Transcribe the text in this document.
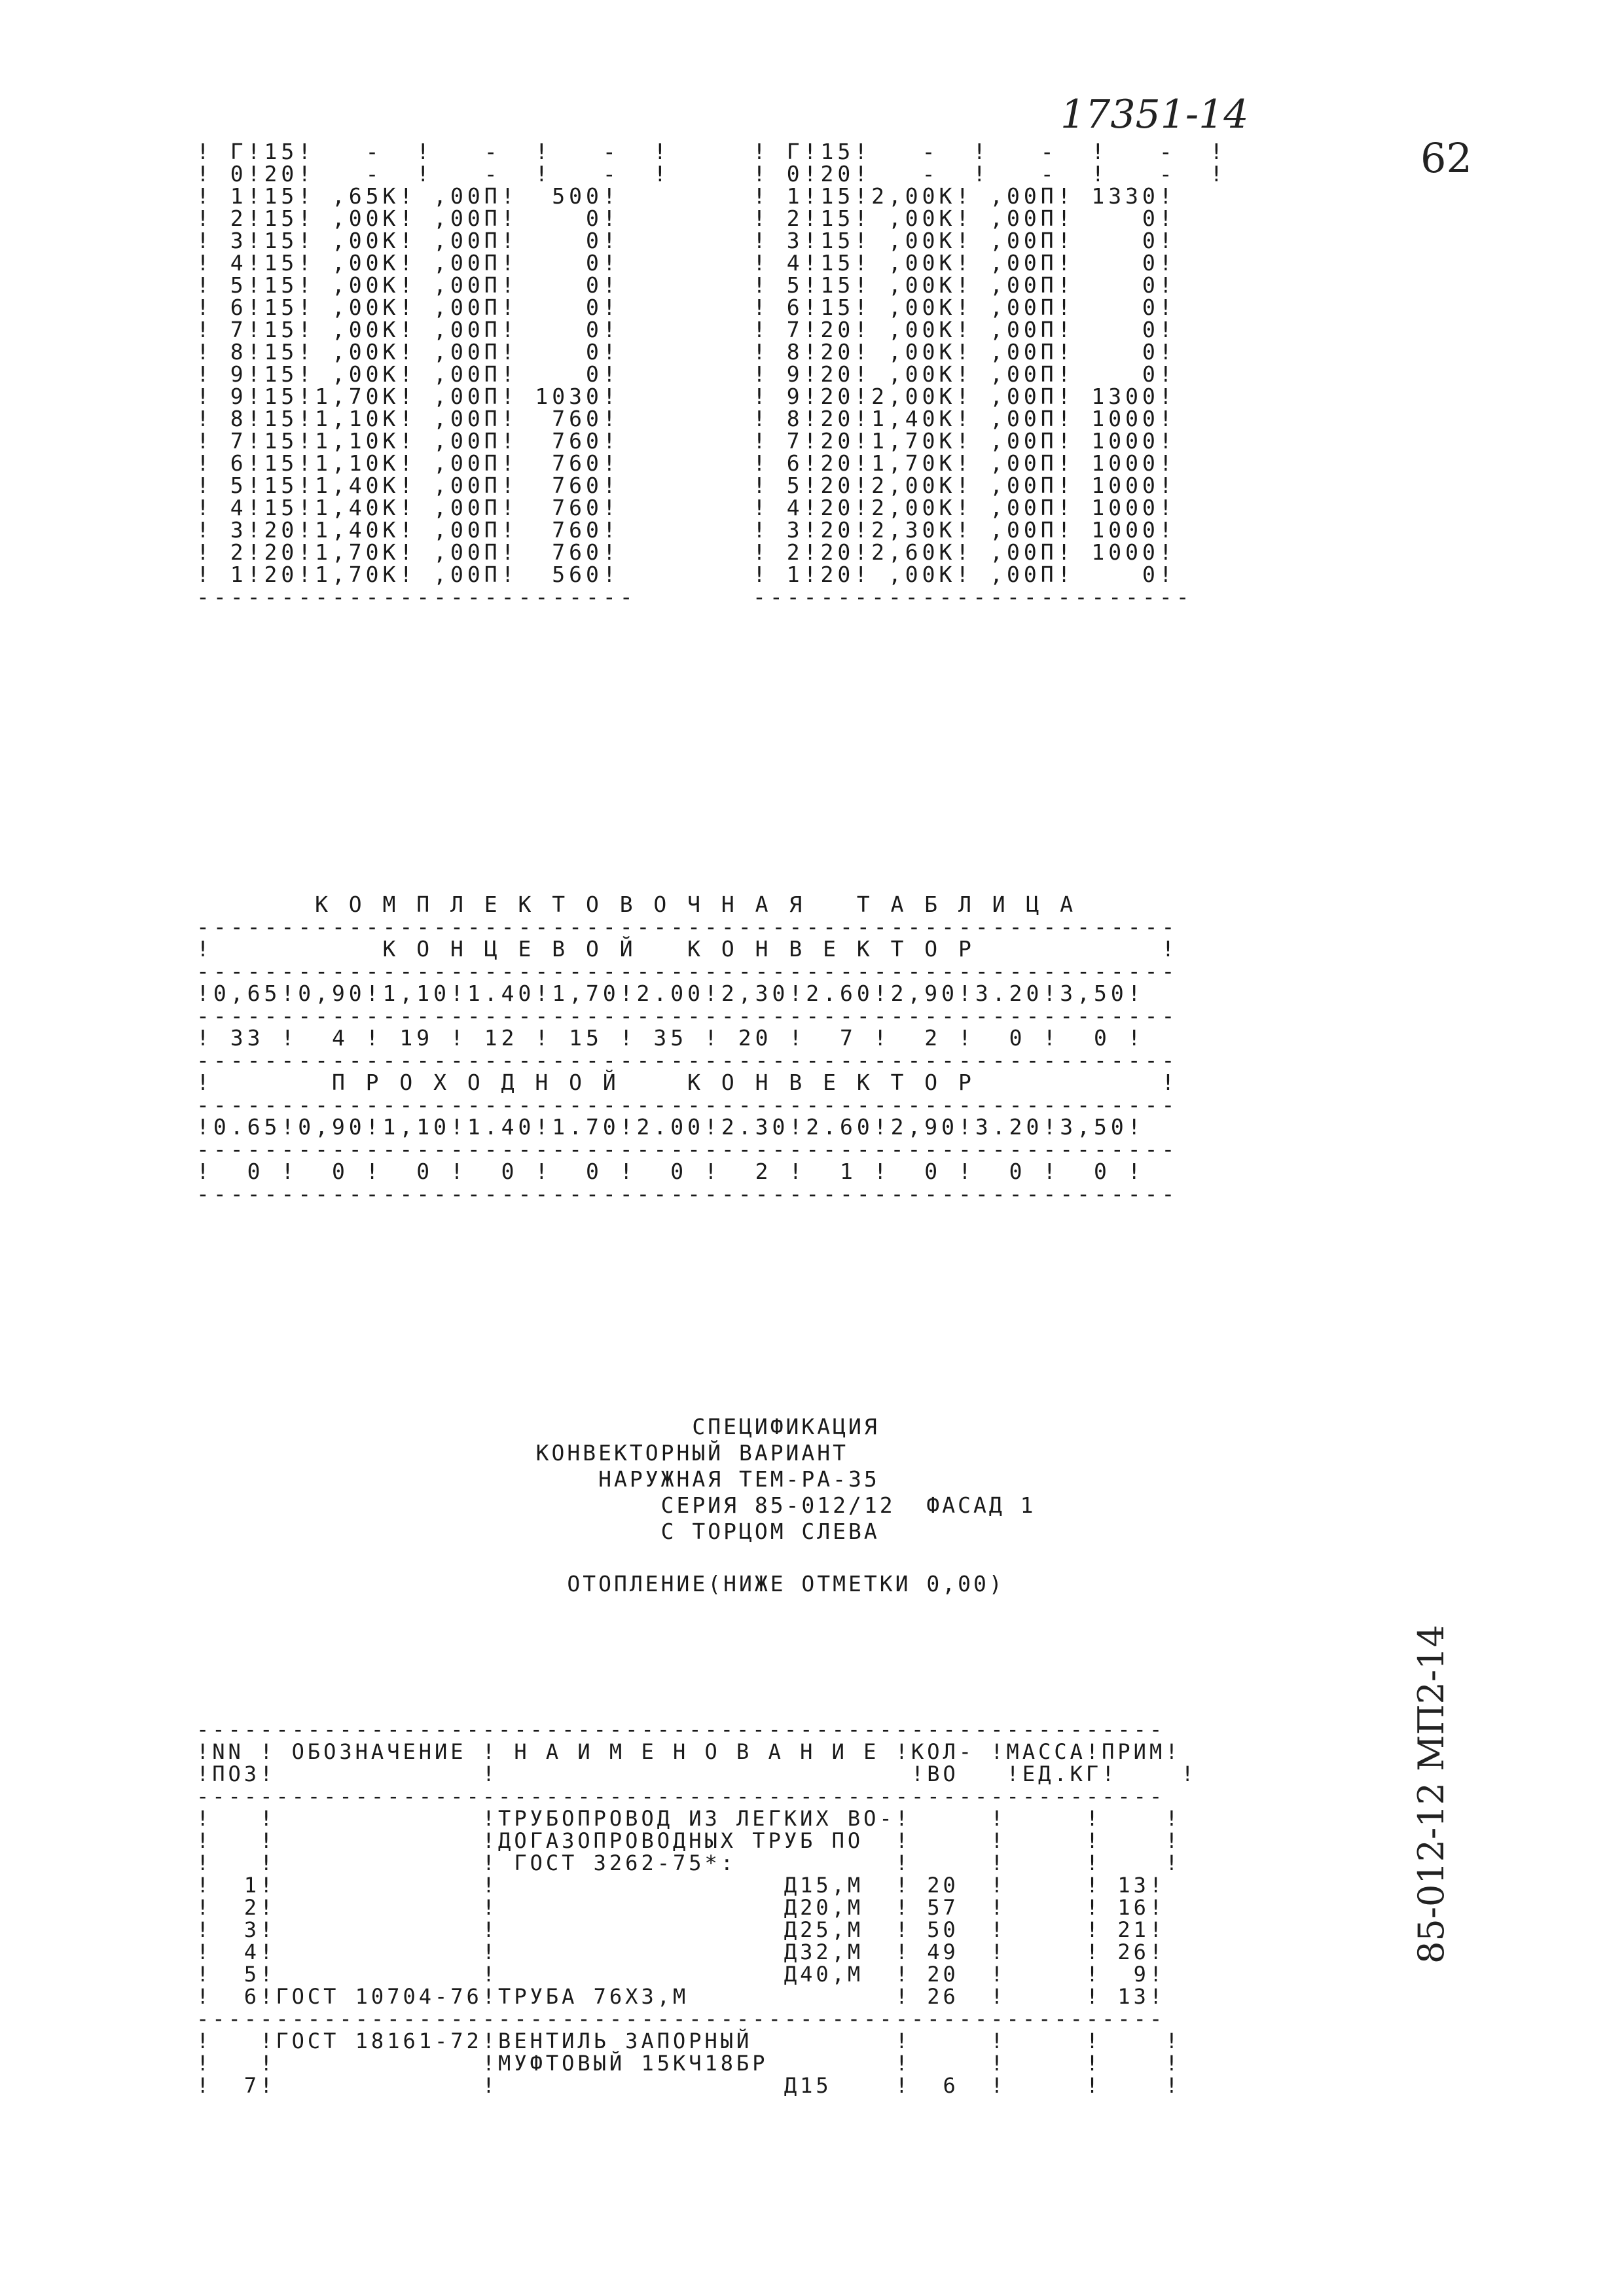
17351-14
62
85-012-12 МП2-14
! Г!15!   -  !   -  !   -  !
! 0!20!   -  !   -  !   -  !
! 1!15! ,65К! ,00П!  500!
! 2!15! ,00К! ,00П!    0!
! 3!15! ,00К! ,00П!    0!
! 4!15! ,00К! ,00П!    0!
! 5!15! ,00К! ,00П!    0!
! 6!15! ,00К! ,00П!    0!
! 7!15! ,00К! ,00П!    0!
! 8!15! ,00К! ,00П!    0!
! 9!15! ,00К! ,00П!    0!
! 9!15!1,70К! ,00П! 1030!
! 8!15!1,10К! ,00П!  760!
! 7!15!1,10К! ,00П!  760!
! 6!15!1,10К! ,00П!  760!
! 5!15!1,40К! ,00П!  760!
! 4!15!1,40К! ,00П!  760!
! 3!20!1,40К! ,00П!  760!
! 2!20!1,70К! ,00П!  760!
! 1!20!1,70К! ,00П!  560!
--------------------------
! Г!15!   -  !   -  !   -  !
! 0!20!   -  !   -  !   -  !
! 1!15!2,00К! ,00П! 1330!
! 2!15! ,00К! ,00П!    0!
! 3!15! ,00К! ,00П!    0!
! 4!15! ,00К! ,00П!    0!
! 5!15! ,00К! ,00П!    0!
! 6!15! ,00К! ,00П!    0!
! 7!20! ,00К! ,00П!    0!
! 8!20! ,00К! ,00П!    0!
! 9!20! ,00К! ,00П!    0!
! 9!20!2,00К! ,00П! 1300!
! 8!20!1,40К! ,00П! 1000!
! 7!20!1,70К! ,00П! 1000!
! 6!20!1,70К! ,00П! 1000!
! 5!20!2,00К! ,00П! 1000!
! 4!20!2,00К! ,00П! 1000!
! 3!20!2,30К! ,00П! 1000!
! 2!20!2,60К! ,00П! 1000!
! 1!20! ,00К! ,00П!    0!
--------------------------
К О М П Л Е К Т О В О Ч Н А Я   Т А Б Л И Ц А
----------------------------------------------------------
!          К О Н Ц Е В О Й   К О Н В Е К Т О Р           !
----------------------------------------------------------
!0,65!0,90!1,10!1.40!1,70!2.00!2,30!2.60!2,90!3.20!3,50!
----------------------------------------------------------
! 33 !  4 ! 19 ! 12 ! 15 ! 35 ! 20 !  7 !  2 !  0 !  0 !
----------------------------------------------------------
!       П Р О Х О Д Н О Й    К О Н В Е К Т О Р           !
----------------------------------------------------------
!0.65!0,90!1,10!1.40!1.70!2.00!2.30!2.60!2,90!3.20!3,50!
----------------------------------------------------------
!  0 !  0 !  0 !  0 !  0 !  0 !  2 !  1 !  0 !  0 !  0 !
----------------------------------------------------------
СПЕЦИФИКАЦИЯ
КОНВЕКТОРНЫЙ ВАРИАНТ
НАРУЖНАЯ ТЕМ-РА-35
СЕРИЯ 85-012/12  ФАСАД 1
С ТОРЦОМ СЛЕВА
ОТОПЛЕНИЕ(НИЖЕ ОТМЕТКИ 0,00)
-------------------------------------------------------------
!NN ! ОБОЗНАЧЕНИЕ ! Н А И М Е Н О В А Н И Е !КОЛ- !МАССА!ПРИМ!
!ПОЗ!             !                          !ВО   !ЕД.КГ!    !
-------------------------------------------------------------
!   !             !ТРУБОПРОВОД ИЗ ЛЕГКИХ ВО-!     !     !    !
!   !             !ДОГАЗОПРОВОДНЫХ ТРУБ ПО  !     !     !    !
!   !             ! ГОСТ 3262-75*:          !     !     !    !
!  1!             !                  Д15,М  ! 20  !     ! 13!
!  2!             !                  Д20,М  ! 57  !     ! 16!
!  3!             !                  Д25,М  ! 50  !     ! 21!
!  4!             !                  Д32,М  ! 49  !     ! 26!
!  5!             !                  Д40,М  ! 20  !     !  9!
!  6!ГОСТ 10704-76!ТРУБА 76Х3,М             ! 26  !     ! 13!
-------------------------------------------------------------
!   !ГОСТ 18161-72!ВЕНТИЛЬ ЗАПОРНЫЙ         !     !     !    !
!   !             !МУФТОВЫЙ 15КЧ18БР        !     !     !    !
!  7!             !                  Д15    !  6  !     !    !
